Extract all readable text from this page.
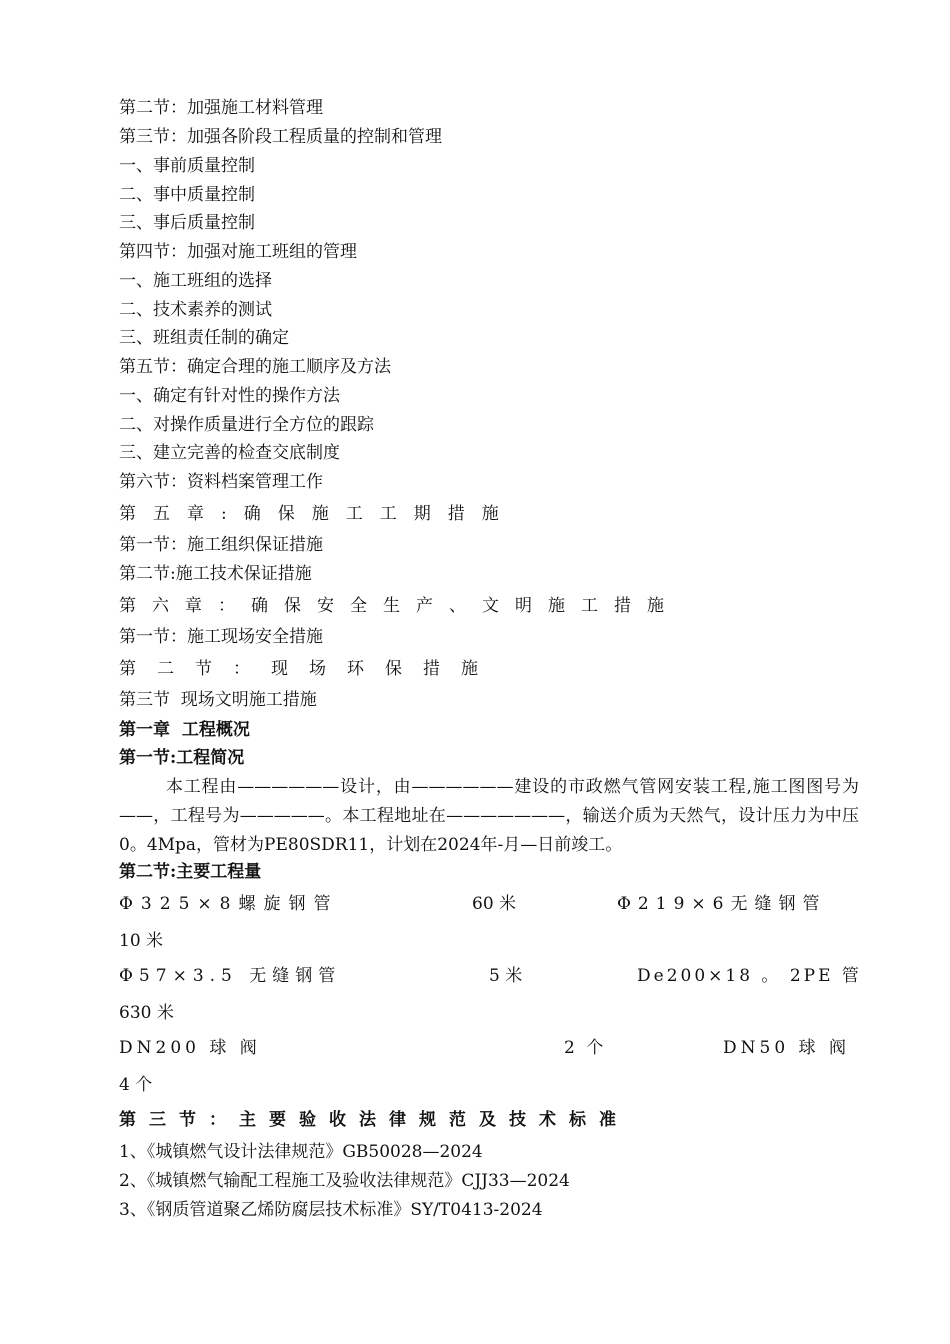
第二节：加强施工材料管理
第三节：加强各阶段工程质量的控制和管理
一、事前质量控制
二、事中质量控制
三、事后质量控制
第四节：加强对施工班组的管理
一、施工班组的选择
二、技术素养的测试
三、班组责任制的确定
第五节：确定合理的施工顺序及方法
一、确定有针对性的操作方法
二、对操作质量进行全方位的跟踪
三、建立完善的检查交底制度
第六节：资料档案管理工作
第五章:确保施工工期措施
第一节：施工组织保证措施
第二节:施工技术保证措施
第六章：确保安全生产、文明施工措施
第一节：施工现场安全措施
第二节：现场环保措施
第三节  现场文明施工措施
第一章  工程概况
第一节:工程简况
本工程由——————设计，由——————建设的市政燃气管网安装工程,施工图图号为——，工程号为—————。本工程地址在———————，输送介质为天然气，设计压力为中压0。4Mpa，管材为PE80SDR11，计划在2024年-月—日前竣工。
第二节:主要工程量
Φ325×8螺旋钢管	60 米	Φ219×6无缝钢管
10 米
Φ57×3.5 无缝钢管	5 米	De200×18 。 2PE 管
630 米
DN200 球 阀	2 个	DN50 球 阀
4 个
第三节：主要验收法律规范及技术标准
1、《城镇燃气设计法律规范》GB50028—2024
2、《城镇燃气输配工程施工及验收法律规范》CJJ33—2024
3、《钢质管道聚乙烯防腐层技术标准》SY/T0413-2024
